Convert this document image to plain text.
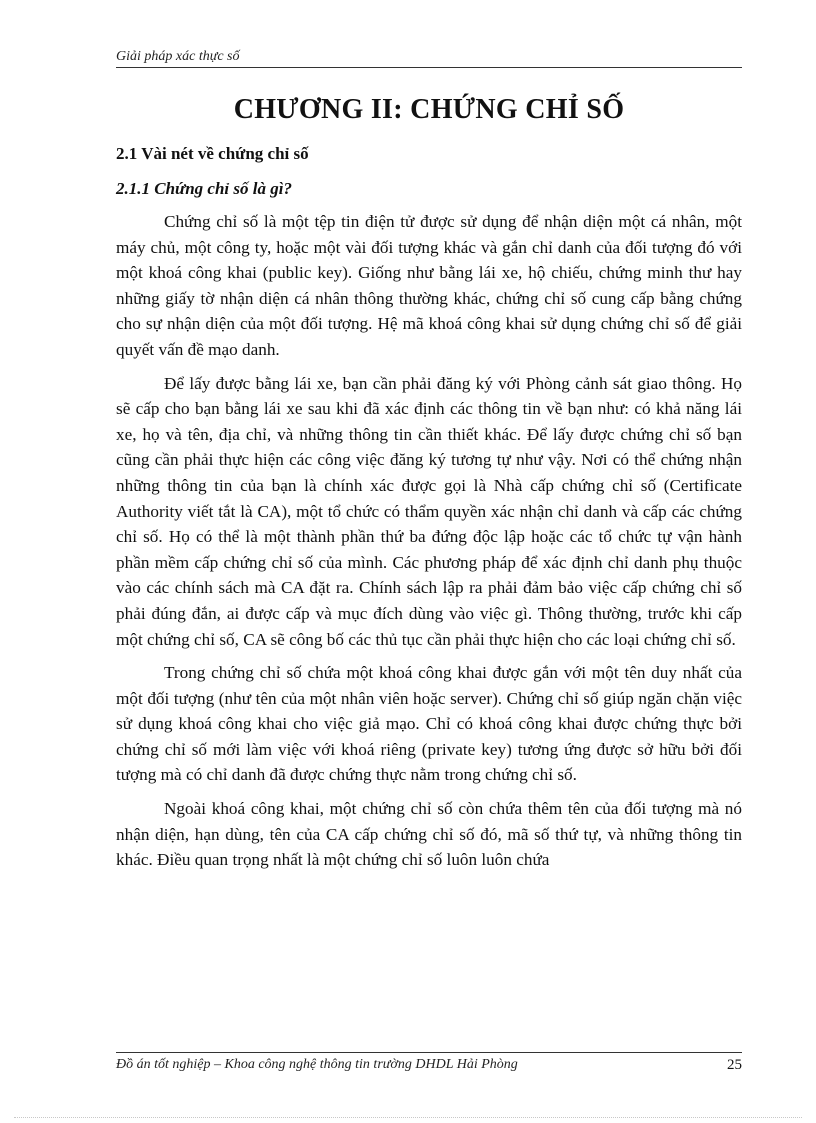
Giải pháp xác thực số
CHƯƠNG II: CHỨNG CHỈ SỐ
2.1 Vài nét về chứng chỉ số
2.1.1 Chứng chỉ số là gì?

Chứng chỉ số là một tệp tin điện tử được sử dụng để nhận diện một cá nhân, một máy chủ, một công ty, hoặc một vài đối tượng khác và gắn chỉ danh của đối tượng đó với một khoá công khai (public key). Giống như bằng lái xe, hộ chiếu, chứng minh thư hay những giấy tờ nhận diện cá nhân thông thường khác, chứng chỉ số cung cấp bằng chứng cho sự nhận diện của một đối tượng. Hệ mã khoá công khai sử dụng chứng chỉ số để giải quyết vấn đề mạo danh.

Để lấy được bằng lái xe, bạn cần phải đăng ký với Phòng cảnh sát giao thông. Họ sẽ cấp cho bạn bằng lái xe sau khi đã xác định các thông tin về bạn như: có khả năng lái xe, họ và tên, địa chỉ, và những thông tin cần thiết khác. Để lấy được chứng chỉ số bạn cũng cần phải thực hiện các công việc đăng ký tương tự như vậy. Nơi có thể chứng nhận những thông tin của bạn là chính xác được gọi là Nhà cấp chứng chỉ số (Certificate Authority viết tắt là CA), một tổ chức có thẩm quyền xác nhận chỉ danh và cấp các chứng chỉ số. Họ có thể là một thành phần thứ ba đứng độc lập hoặc các tổ chức tự vận hành phần mềm cấp chứng chỉ số của mình. Các phương pháp để xác định chỉ danh phụ thuộc vào các chính sách mà CA đặt ra. Chính sách lập ra phải đảm bảo việc cấp chứng chỉ số phải đúng đắn, ai được cấp và mục đích dùng vào việc gì. Thông thường, trước khi cấp một chứng chỉ số, CA sẽ công bố các thủ tục cần phải thực hiện cho các loại chứng chỉ số.

Trong chứng chỉ số chứa một khoá công khai được gắn với một tên duy nhất của một đối tượng (như tên của một nhân viên hoặc server). Chứng chỉ số giúp ngăn chặn việc sử dụng khoá công khai cho việc giả mạo. Chỉ có khoá công khai được chứng thực bởi chứng chỉ số mới làm việc với khoá riêng (private key) tương ứng được sở hữu bởi đối tượng mà có chỉ danh đã được chứng thực nằm trong chứng chỉ số.

Ngoài khoá công khai, một chứng chỉ số còn chứa thêm tên của đối tượng mà nó nhận diện, hạn dùng, tên của CA cấp chứng chỉ số đó, mã số thứ tự, và những thông tin khác. Điều quan trọng nhất là một chứng chỉ số luôn luôn chứa

Đồ án tốt nghiệp – Khoa công nghệ thông tin trường DHDL Hải Phòng	25
